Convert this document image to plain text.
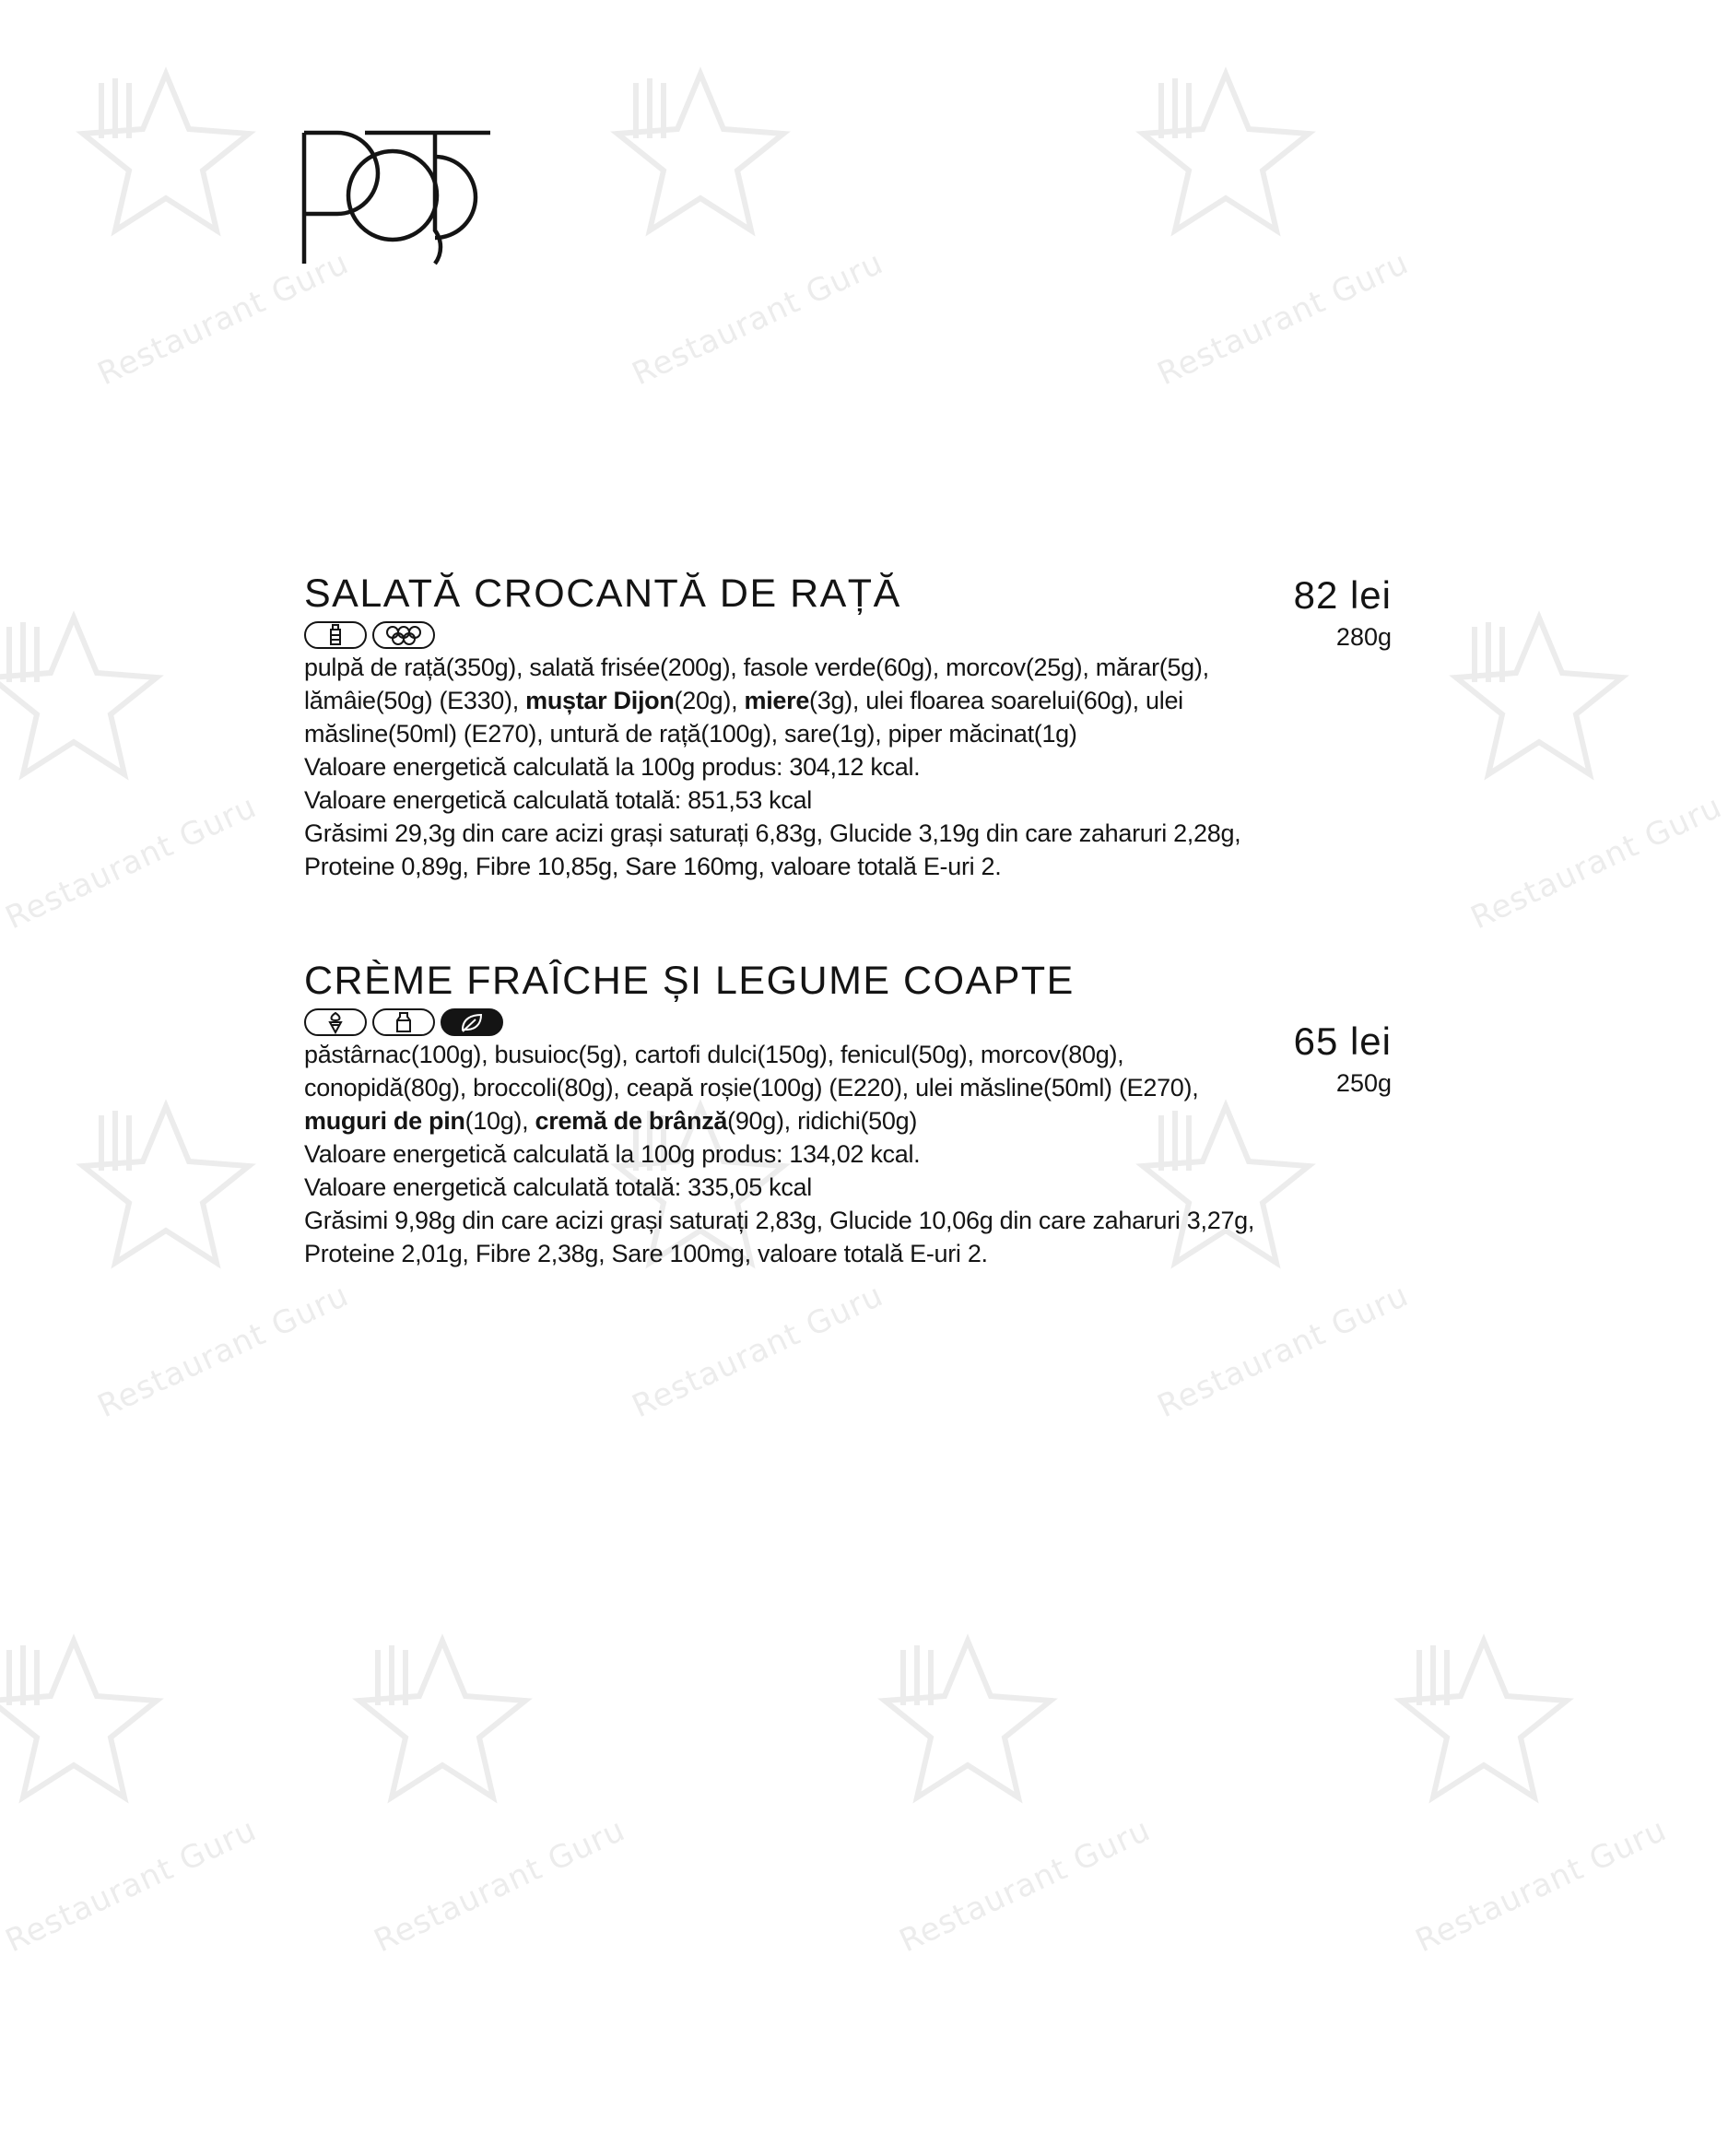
Restaurant Guru	Restaurant Guru	Restaurant Guru
Restaurant Guru	Restaurant Guru
Restaurant Guru	Restaurant Guru	Restaurant Guru
Restaurant Guru	Restaurant Guru	Restaurant Guru	Restaurant Guru
SALATĂ CROCANTĂ DE RAȚĂ	82 lei
280g

pulpă de rață(350g), salată frisée(200g), fasole verde(60g), morcov(25g), mărar(5g), lămâie(50g) (E330), muștar Dijon(20g), miere(3g), ulei floarea soarelui(60g), ulei măsline(50ml) (E270), untură de rață(100g), sare(1g), piper măcinat(1g)

Valoare energetică calculată la 100g produs: 304,12 kcal.

Valoare energetică calculată totală: 851,53 kcal

Grăsimi 29,3g din care acizi grași saturați 6,83g, Glucide 3,19g din care zaharuri 2,28g, Proteine 0,89g, Fibre 10,85g, Sare 160mg, valoare totală E-uri 2.

CRÈME FRAÎCHE ȘI LEGUME COAPTE
65 lei
250g

păstârnac(100g), busuioc(5g), cartofi dulci(150g), fenicul(50g), morcov(80g), conopidă(80g), broccoli(80g), ceapă roșie(100g) (E220), ulei măsline(50ml) (E270), muguri de pin(10g), cremă de brânză(90g), ridichi(50g)

Valoare energetică calculată la 100g produs: 134,02 kcal.

Valoare energetică calculată totală: 335,05 kcal

Grăsimi 9,98g din care acizi grași saturați 2,83g, Glucide 10,06g din care zaharuri 3,27g, Proteine 2,01g, Fibre 2,38g, Sare 100mg, valoare totală E-uri 2.
